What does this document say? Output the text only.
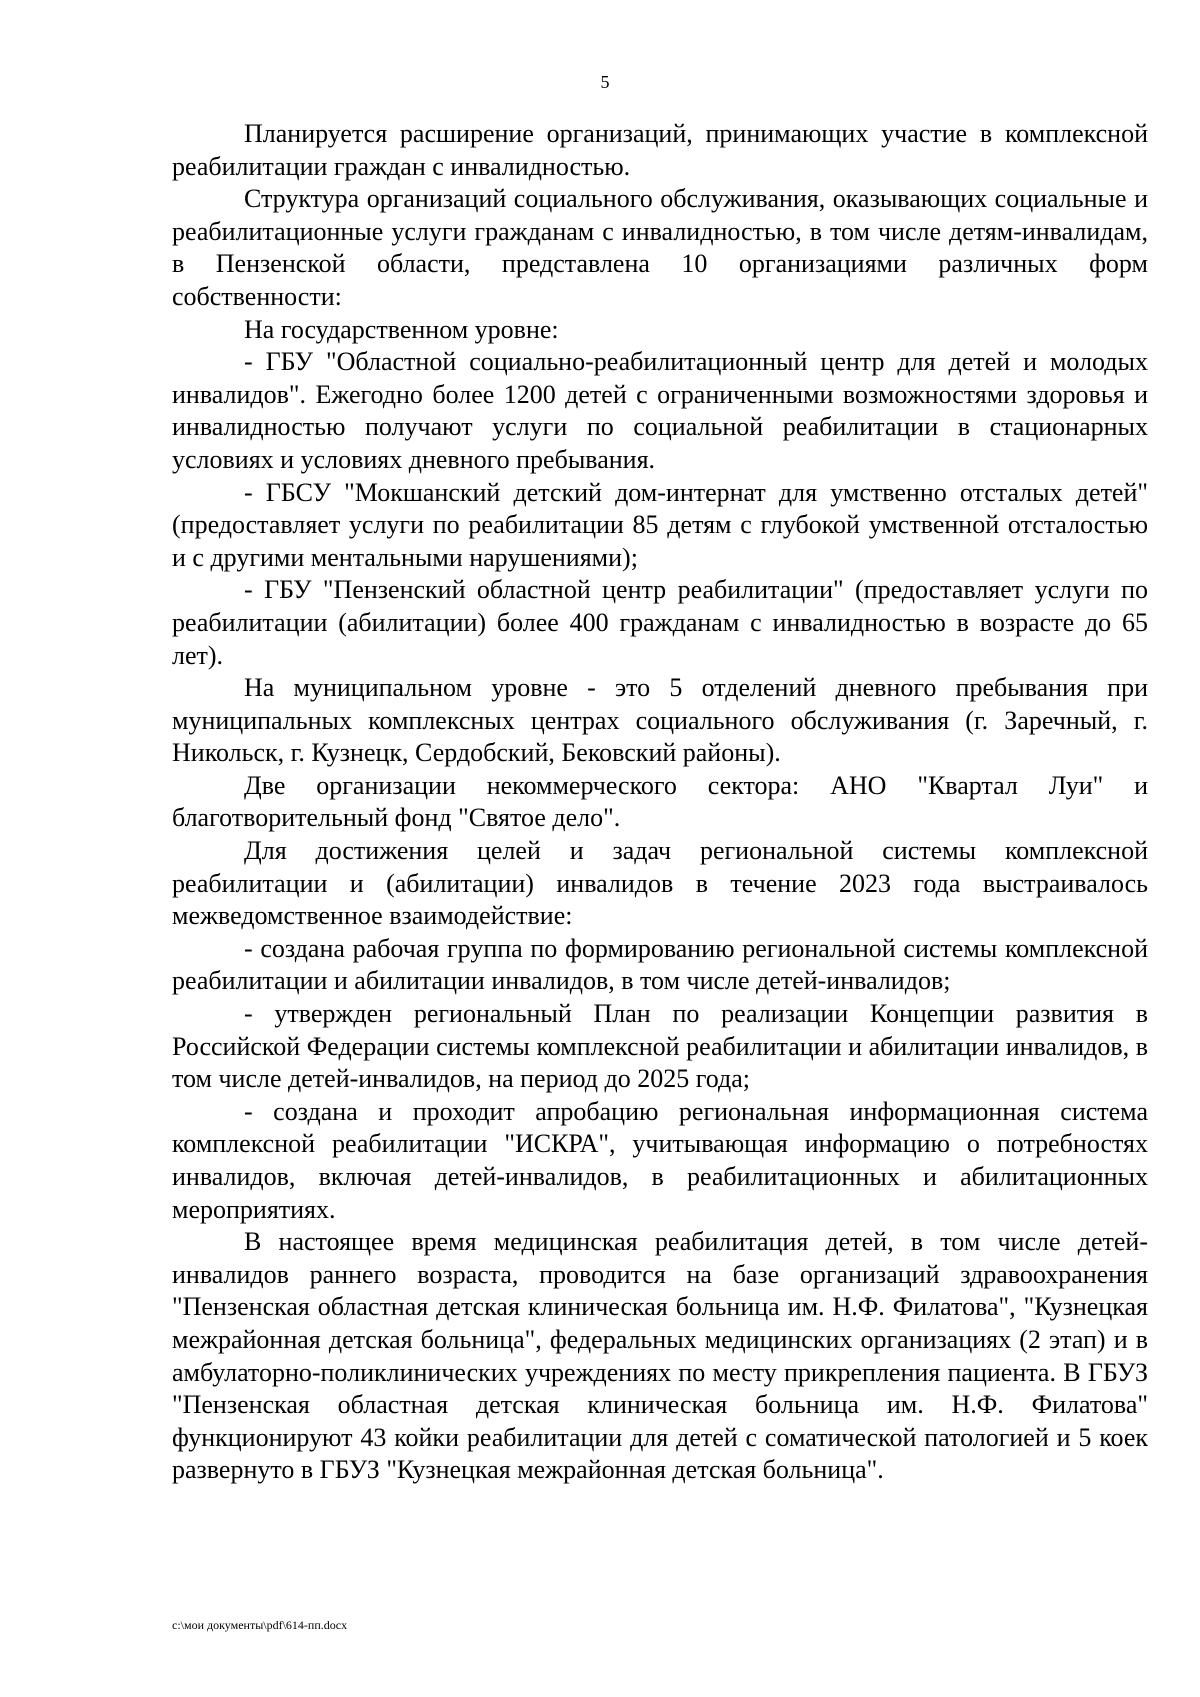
5

Планируется расширение организаций, принимающих участие в комплексной реабилитации граждан с инвалидностью.

Структура организаций социального обслуживания, оказывающих социальные и реабилитационные услуги гражданам с инвалидностью, в том числе детям-инвалидам, в Пензенской области, представлена 10 организациями различных форм собственности:

На государственном уровне:

- ГБУ "Областной социально-реабилитационный центр для детей и молодых инвалидов". Ежегодно более 1200 детей с ограниченными возможностями здоровья и инвалидностью получают услуги по социальной реабилитации в стационарных условиях и условиях дневного пребывания.

- ГБСУ "Мокшанский детский дом-интернат для умственно отсталых детей" (предоставляет услуги по реабилитации 85 детям с глубокой умственной отсталостью и с другими ментальными нарушениями);

- ГБУ "Пензенский областной центр реабилитации" (предоставляет услуги по реабилитации (абилитации) более 400 гражданам с инвалидностью в возрасте до 65 лет).

На муниципальном уровне - это 5 отделений дневного пребывания при муниципальных комплексных центрах социального обслуживания (г. Заречный, г. Никольск, г. Кузнецк, Сердобский, Бековский районы).

Две организации некоммерческого сектора: АНО "Квартал Луи" и благотворительный фонд "Святое дело".

Для достижения целей и задач региональной системы комплексной реабилитации и (абилитации) инвалидов в течение 2023 года выстраивалось межведомственное взаимодействие:

- создана рабочая группа по формированию региональной системы комплексной реабилитации и абилитации инвалидов, в том числе детей-инвалидов;

- утвержден региональный План по реализации Концепции развития в Российской Федерации системы комплексной реабилитации и абилитации инвалидов, в том числе детей-инвалидов, на период до 2025 года;

- создана и проходит апробацию региональная информационная система комплексной реабилитации "ИСКРА", учитывающая информацию о потребностях инвалидов, включая детей-инвалидов, в реабилитационных и абилитационных мероприятиях.

В настоящее время медицинская реабилитация детей, в том числе детей-инвалидов раннего возраста, проводится на базе организаций здравоохранения "Пензенская областная детская клиническая больница им. Н.Ф. Филатова", "Кузнецкая межрайонная детская больница", федеральных медицинских организациях (2 этап) и в амбулаторно-поликлинических учреждениях по месту прикрепления пациента. В ГБУЗ "Пензенская областная детская клиническая больница им. Н.Ф. Филатова" функционируют 43 койки реабилитации для детей с соматической патологией и 5 коек развернуто в ГБУЗ "Кузнецкая межрайонная детская больница".

c:\мои документы\pdf\614-пп.docx
